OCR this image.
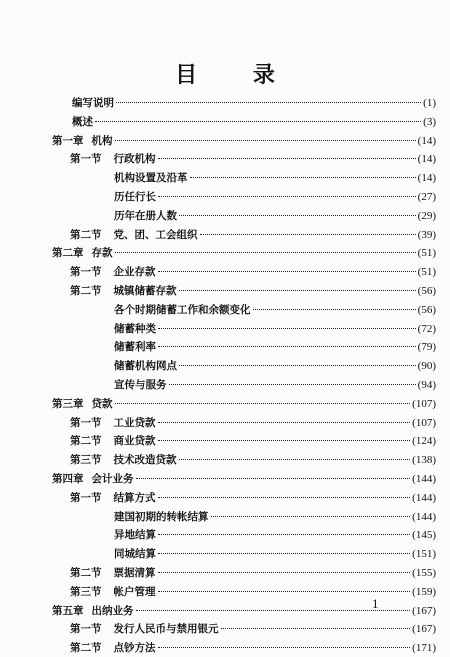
目 录
编写说明	(1)
概述	(3)
第一章 机构	(14)
第一节 行政机构	(14)
机构设置及沿革	(14)
历任行长	(27)
历年在册人数	(29)
第二节 党、团、工会组织	(39)
第二章 存款	(51)
第一节 企业存款	(51)
第二节 城镇储蓄存款	(56)
各个时期储蓄工作和余额变化	(56)
储蓄种类	(72)
储蓄利率	(79)
储蓄机构网点	(90)
宣传与服务	(94)
第三章 贷款	(107)
第一节 工业贷款	(107)
第二节 商业贷款	(124)
第三节 技术改造贷款	(138)
第四章 会计业务	(144)
第一节 结算方式	(144)
建国初期的转帐结算	(144)
异地结算	(145)
同城结算	(151)
第二节 票据清算	(155)
第三节 帐户管理	(159)
第五章 出纳业务	(167)
第一节 发行人民币与禁用银元	(167)
第二节 点钞方法	(171)
1
